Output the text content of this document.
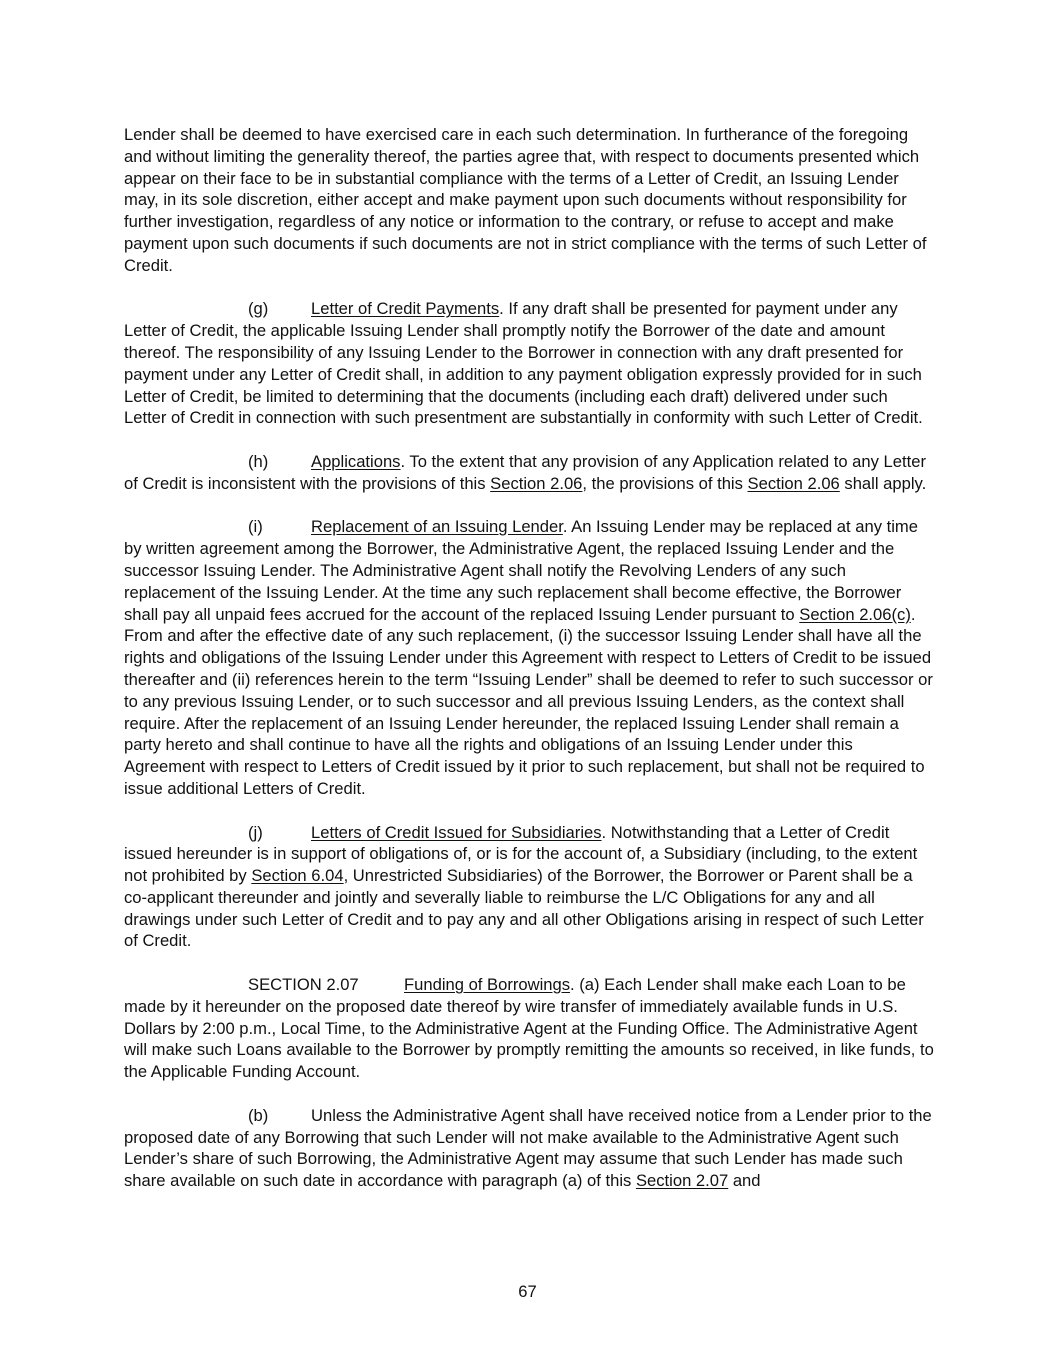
Lender shall be deemed to have exercised care in each such determination. In furtherance of the foregoing and without limiting the generality thereof, the parties agree that, with respect to documents presented which appear on their face to be in substantial compliance with the terms of a Letter of Credit, an Issuing Lender may, in its sole discretion, either accept and make payment upon such documents without responsibility for further investigation, regardless of any notice or information to the contrary, or refuse to accept and make payment upon such documents if such documents are not in strict compliance with the terms of such Letter of Credit.

(g)	Letter of Credit Payments. If any draft shall be presented for payment under any Letter of Credit, the applicable Issuing Lender shall promptly notify the Borrower of the date and amount thereof. The responsibility of any Issuing Lender to the Borrower in connection with any draft presented for payment under any Letter of Credit shall, in addition to any payment obligation expressly provided for in such Letter of Credit, be limited to determining that the documents (including each draft) delivered under such Letter of Credit in connection with such presentment are substantially in conformity with such Letter of Credit.

(h)	Applications. To the extent that any provision of any Application related to any Letter of Credit is inconsistent with the provisions of this Section 2.06, the provisions of this Section 2.06 shall apply.

(i)	Replacement of an Issuing Lender. An Issuing Lender may be replaced at any time by written agreement among the Borrower, the Administrative Agent, the replaced Issuing Lender and the successor Issuing Lender. The Administrative Agent shall notify the Revolving Lenders of any such replacement of the Issuing Lender. At the time any such replacement shall become effective, the Borrower shall pay all unpaid fees accrued for the account of the replaced Issuing Lender pursuant to Section 2.06(c). From and after the effective date of any such replacement, (i) the successor Issuing Lender shall have all the rights and obligations of the Issuing Lender under this Agreement with respect to Letters of Credit to be issued thereafter and (ii) references herein to the term “Issuing Lender” shall be deemed to refer to such successor or to any previous Issuing Lender, or to such successor and all previous Issuing Lenders, as the context shall require. After the replacement of an Issuing Lender hereunder, the replaced Issuing Lender shall remain a party hereto and shall continue to have all the rights and obligations of an Issuing Lender under this Agreement with respect to Letters of Credit issued by it prior to such replacement, but shall not be required to issue additional Letters of Credit.

(j)	Letters of Credit Issued for Subsidiaries. Notwithstanding that a Letter of Credit issued hereunder is in support of obligations of, or is for the account of, a Subsidiary (including, to the extent not prohibited by Section 6.04, Unrestricted Subsidiaries) of the Borrower, the Borrower or Parent shall be a co-applicant thereunder and jointly and severally liable to reimburse the L/C Obligations for any and all drawings under such Letter of Credit and to pay any and all other Obligations arising in respect of such Letter of Credit.

SECTION 2.07	Funding of Borrowings. (a) Each Lender shall make each Loan to be made by it hereunder on the proposed date thereof by wire transfer of immediately available funds in U.S. Dollars by 2:00 p.m., Local Time, to the Administrative Agent at the Funding Office. The Administrative Agent will make such Loans available to the Borrower by promptly remitting the amounts so received, in like funds, to the Applicable Funding Account.

(b)	Unless the Administrative Agent shall have received notice from a Lender prior to the proposed date of any Borrowing that such Lender will not make available to the Administrative Agent such Lender’s share of such Borrowing, the Administrative Agent may assume that such Lender has made such share available on such date in accordance with paragraph (a) of this Section 2.07 and

67
